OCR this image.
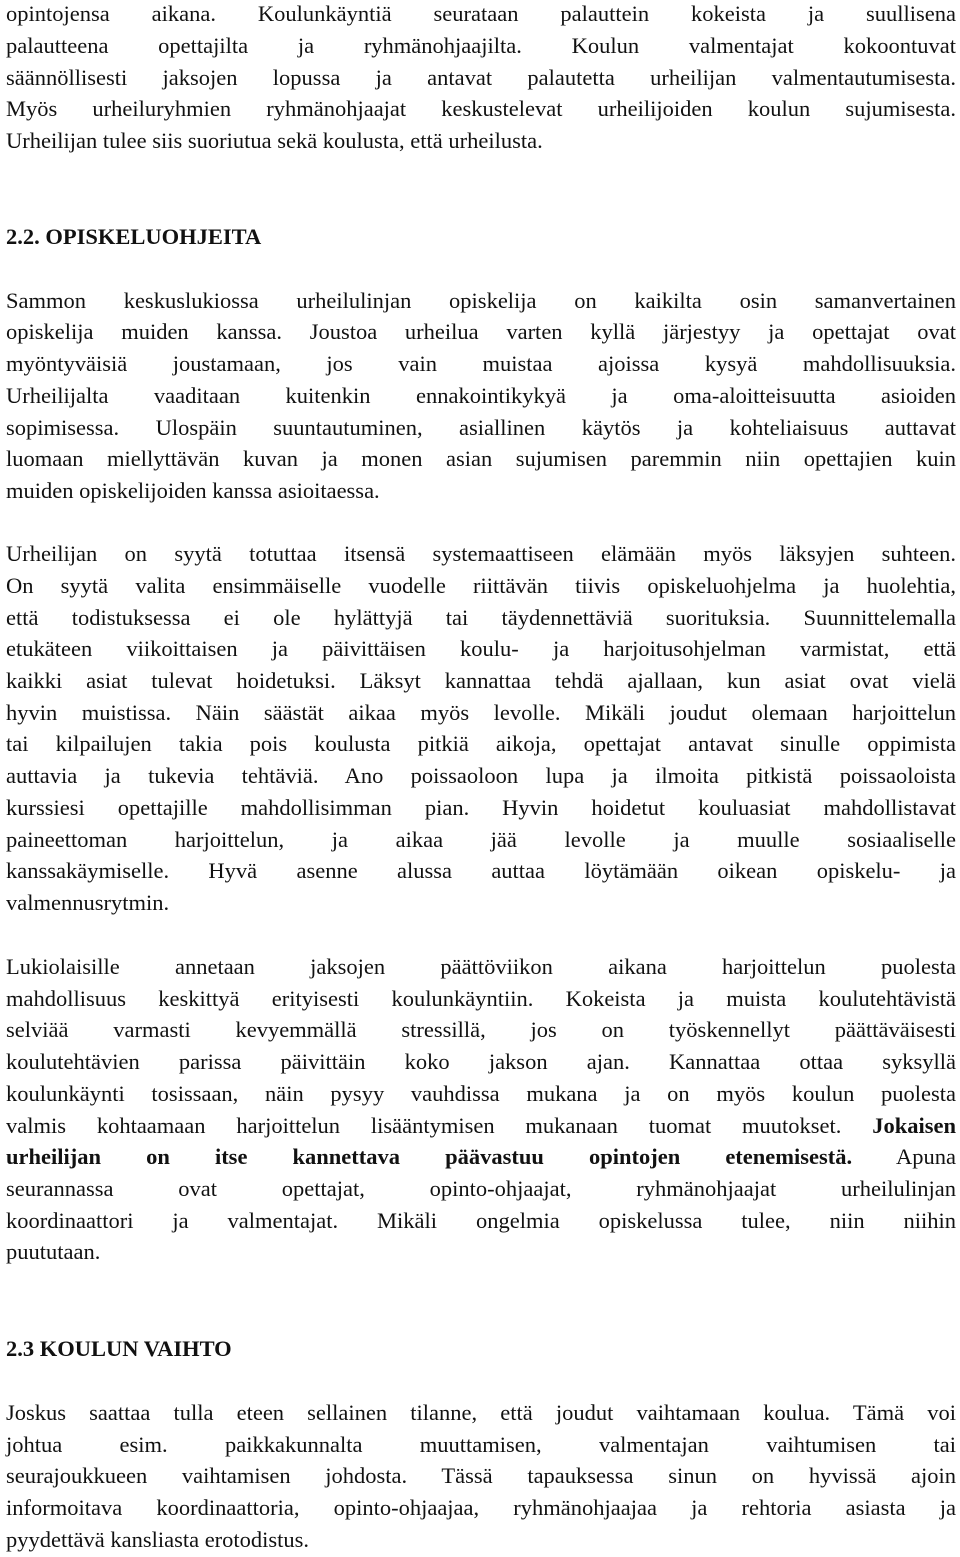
opintojensa aikana. Koulunkäyntiä seurataan palauttein kokeista ja suullisena

palautteena opettajilta ja ryhmänohjaajilta. Koulun valmentajat kokoontuvat

säännöllisesti jaksojen lopussa ja antavat palautetta urheilijan valmentautumisesta.

Myös urheiluryhmien ryhmänohjaajat keskustelevat urheilijoiden koulun sujumisesta.

Urheilijan tulee siis suoriutua sekä koulusta, että urheilusta.

2.2. OPISKELUOHJEITA

Sammon keskuslukiossa urheilulinjan opiskelija on kaikilta osin samanvertainen

opiskelija muiden kanssa. Joustoa urheilua varten kyllä järjestyy ja opettajat ovat

myöntyväisiä joustamaan, jos vain muistaa ajoissa kysyä mahdollisuuksia.

Urheilijalta vaaditaan kuitenkin ennakointikykyä ja oma-aloitteisuutta asioiden

sopimisessa. Ulospäin suuntautuminen, asiallinen käytös ja kohteliaisuus auttavat

luomaan miellyttävän kuvan ja monen asian sujumisen paremmin niin opettajien kuin

muiden opiskelijoiden kanssa asioitaessa.

Urheilijan on syytä totuttaa itsensä systemaattiseen elämään myös läksyjen suhteen.

On syytä valita ensimmäiselle vuodelle riittävän tiivis opiskeluohjelma ja huolehtia,

että todistuksessa ei ole hylättyjä tai täydennettäviä suorituksia. Suunnittelemalla

etukäteen viikoittaisen ja päivittäisen koulu- ja harjoitusohjelman varmistat, että

kaikki asiat tulevat hoidetuksi. Läksyt kannattaa tehdä ajallaan, kun asiat ovat vielä

hyvin muistissa. Näin säästät aikaa myös levolle. Mikäli joudut olemaan harjoittelun

tai kilpailujen takia pois koulusta pitkiä aikoja, opettajat antavat sinulle oppimista

auttavia ja tukevia tehtäviä. Ano poissaoloon lupa ja ilmoita pitkistä poissaoloista

kurssiesi opettajille mahdollisimman pian. Hyvin hoidetut kouluasiat mahdollistavat

paineettoman harjoittelun, ja aikaa jää levolle ja muulle sosiaaliselle

kanssakäymiselle. Hyvä asenne alussa auttaa löytämään oikean opiskelu- ja

valmennusrytmin.

Lukiolaisille annetaan jaksojen päättöviikon aikana harjoittelun puolesta

mahdollisuus keskittyä erityisesti koulunkäyntiin. Kokeista ja muista koulutehtävistä

selviää varmasti kevyemmällä stressillä, jos on työskennellyt päättäväisesti

koulutehtävien parissa päivittäin koko jakson ajan. Kannattaa ottaa syksyllä

koulunkäynti tosissaan, näin pysyy vauhdissa mukana ja on myös koulun puolesta

valmis kohtaamaan harjoittelun lisääntymisen mukanaan tuomat muutokset. Jokaisen

urheilijan on itse kannettava päävastuu opintojen etenemisestä. Apuna

seurannassa ovat opettajat, opinto-ohjaajat, ryhmänohjaajat urheilulinjan

koordinaattori ja valmentajat. Mikäli ongelmia opiskelussa tulee, niin niihin

puututaan.

2.3 KOULUN VAIHTO

Joskus saattaa tulla eteen sellainen tilanne, että joudut vaihtamaan koulua. Tämä voi

johtua esim. paikkakunnalta muuttamisen, valmentajan vaihtumisen tai

seurajoukkueen vaihtamisen johdosta. Tässä tapauksessa sinun on hyvissä ajoin

informoitava koordinaattoria, opinto-ohjaajaa, ryhmänohjaajaa ja rehtoria asiasta ja

pyydettävä kansliasta erotodistus.
